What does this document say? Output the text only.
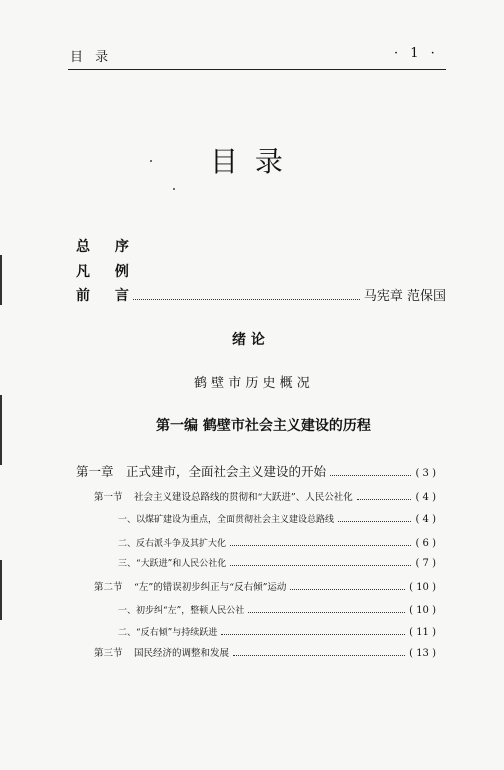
目 录	· 1 ·
目 录
总 序
凡 例
前 言	马宪章 范保国
绪 论
鹤 壁 市 历 史 概 况
第一编 鹤壁市社会主义建设的历程
第一章 正式建市，全面社会主义建设的开始	( 3 )
第一节	社会主义建设总路线的贯彻和“大跃进”、人民公社化	( 4 )
一、以煤矿建设为重点，全面贯彻社会主义建设总路线	( 4 )
二、反右派斗争及其扩大化	( 6 )
三、“大跃进”和人民公社化	( 7 )
第二节	“左”的错误初步纠正与“反右倾”运动	( 10 )
一、初步纠“左”，整顿人民公社	( 10 )
二、“反右倾”与持续跃进	( 11 )
第三节	国民经济的调整和发展	( 13 )
